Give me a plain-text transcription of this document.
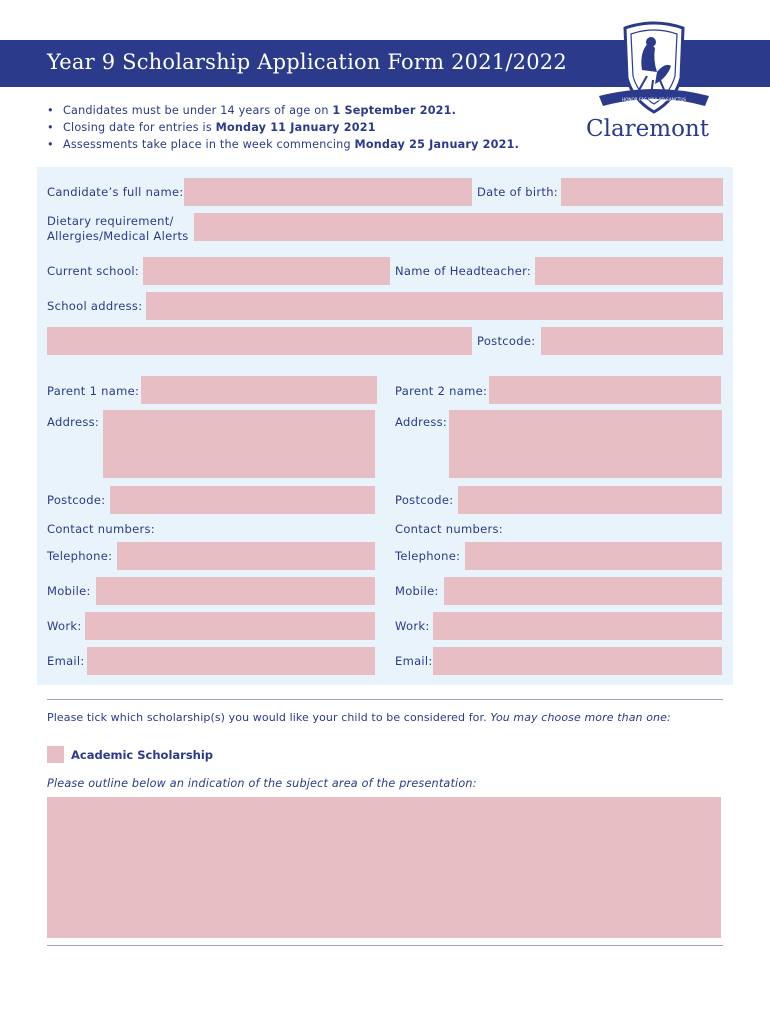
Year 9 Scholarship Application Form 2021/2022
HONOR FAC MIHI AD SANCTUS
Claremont
• Candidates must be under 14 years of age on 1 September 2021.
• Closing date for entries is Monday 11 January 2021
• Assessments take place in the week commencing Monday 25 January 2021.
Candidate’s full name:	Date of birth:
Dietary requirement/
Allergies/Medical Alerts
Current school:	Name of Headteacher:
School address:
Postcode:
Parent 1 name:
Address:
Postcode:
Contact numbers:
Telephone:
Mobile:
Work:
Email:
Parent 2 name:
Address:
Postcode:
Contact numbers:
Telephone:
Mobile:
Work:
Email:
Please tick which scholarship(s) you would like your child to be considered for. You may choose more than one:
Academic Scholarship
Please outline below an indication of the subject area of the presentation:
